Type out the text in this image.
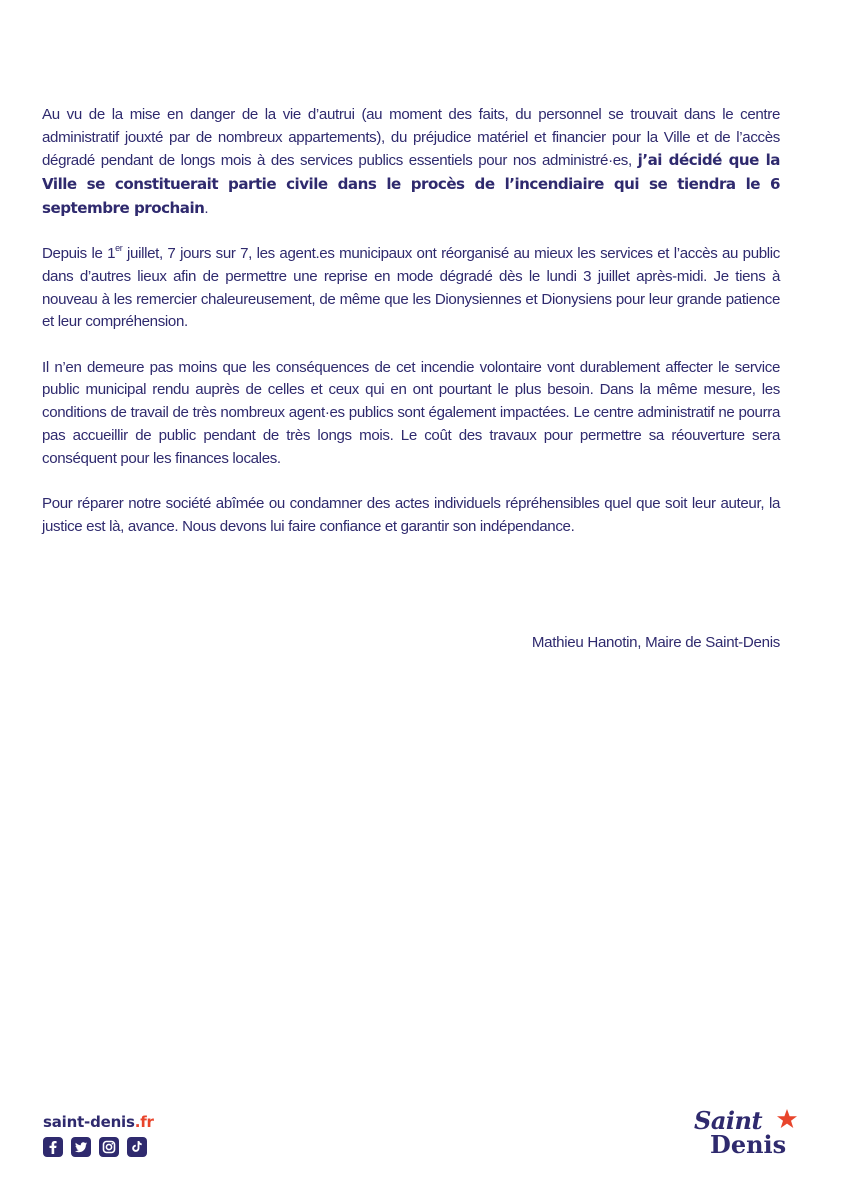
Au vu de la mise en danger de la vie d’autrui (au moment des faits, du personnel se trouvait dans le centre administratif jouxté par de nombreux appartements), du préjudice matériel et financier pour la Ville et de l’accès dégradé pendant de longs mois à des services publics essentiels pour nos administré·es, j’ai décidé que la Ville se constituerait partie civile dans le procès de l’incendiaire qui se tiendra le 6 septembre prochain.

Depuis le 1er juillet, 7 jours sur 7, les agent.es municipaux ont réorganisé au mieux les services et l’accès au public dans d’autres lieux afin de permettre une reprise en mode dégradé dès le lundi 3 juillet après-midi. Je tiens à nouveau à les remercier chaleureusement, de même que les Dionysiennes et Dionysiens pour leur grande patience et leur compréhension.

Il n’en demeure pas moins que les conséquences de cet incendie volontaire vont durablement affecter le service public municipal rendu auprès de celles et ceux qui en ont pourtant le plus besoin. Dans la même mesure, les conditions de travail de très nombreux agent·es publics sont également impactées. Le centre administratif ne pourra pas accueillir de public pendant de très longs mois. Le coût des travaux pour permettre sa réouverture sera conséquent pour les finances locales.

Pour réparer notre société abîmée ou condamner des actes individuels répréhensibles quel que soit leur auteur, la justice est là, avance. Nous devons lui faire confiance et garantir son indépendance.

Mathieu Hanotin, Maire de Saint-Denis
saint-denis.fr	Saint
Denis
